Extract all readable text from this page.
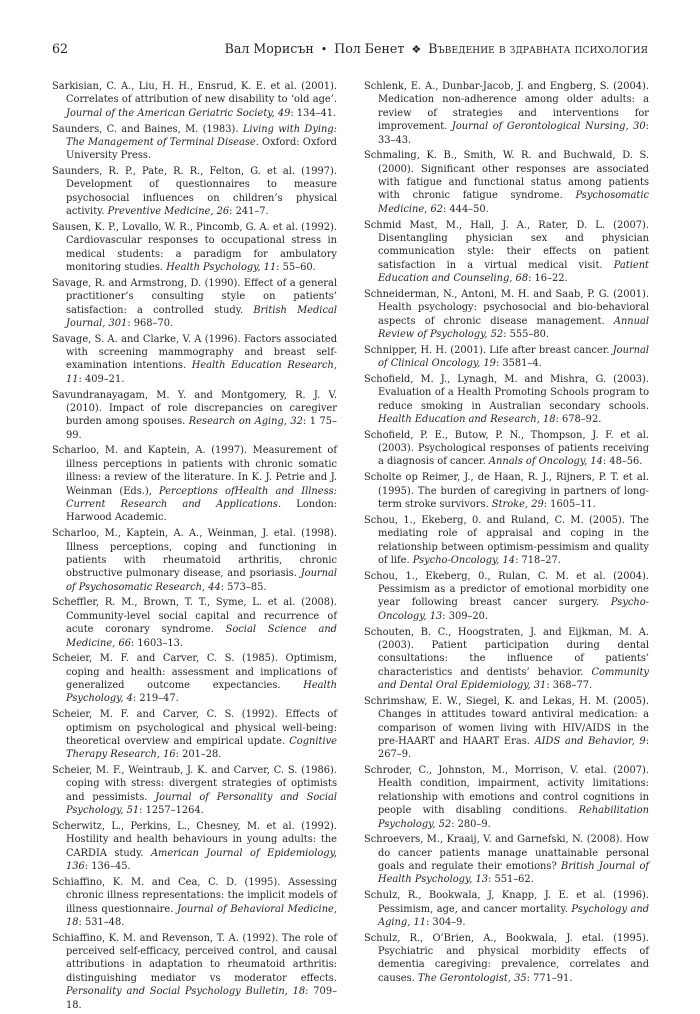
62	Вал Морисън • Пол Бенет ❖ Въведение в здравната психология

Sarkisian, C. A., Liu, H. H., Ensrud, K. E. et al. (2001). Correlates of attribution of new disability to ‘old age’. Journal of the American Geriatric Society, 49: 134–41.

Saunders, C. and Baines, M. (1983). Living with Dying: The Management of Terminal Disease. Oxford: Oxford University Press.

Saunders, R. P., Pate, R. R., Felton, G. et al. (1997). Development of questionnaires to measure psychosocial influences on children’s physical activity. Preventive Medicine, 26: 241–7.

Sausen, K. P., Lovallo, W. R., Pincomb, G. A. et al. (1992). Cardiovascular responses to occupational stress in medical students: a paradigm for ambulatory monitoring studies. Health Psychology, 11: 55–60.

Savage, R. and Armstrong, D. (1990). Effect of a general practitioner’s consulting style on patients’ satisfaction: a controlled study. British Medical Journal, 301: 968–70.

Savage, S. A. and Clarke, V. A (1996). Factors associated with screening mammography and breast self-examination intentions. Health Education Research, 11: 409–21.

Savundranayagam, M. Y. and Montgomery, R. J. V. (2010). Impact of role discrepancies on caregiver burden among spouses. Research on Aging, 32: 1 75–99.

Scharloo, M. and Kaptein, A. (1997). Measurement of illness perceptions in patients with chronic somatic illness: a review of the literature. In K. J. Petrie and J. Weinman (Eds.), Perceptions ofHealth and Illness: Current Research and Applications. London: Harwood Academic.

Scharloo, M., Kaptein, A. A., Weinman, J. etal. (1998). Illness perceptions, coping and functioning in patients with rheumatoid arthritis, chronic obstructive pulmonary disease, and psoriasis. Journal of Psychosomatic Research, 44: 573–85.

Scheffler, R. M., Brown, T. T., Syme, L. et al. (2008). Community-level social capital and recurrence of acute coronary syndrome. Social Science and Medicine, 66: 1603–13.

Scheier, M. F. and Carver, C. S. (1985). Optimism, coping and health: assessment and implications of generalized outcome expectancies. Health Psychology, 4: 219–47.

Scheier, M. F. and Carver, C. S. (1992). Effects of optimism on psychological and physical well-being: theoretical overview and empirical update. Cognitive Therapy Research, 16: 201–28.

Scheier, M. F., Weintraub, J. K. and Carver, C. S. (1986). coping with stress: divergent strategies of optimists and pessimists. Journal of Personality and Social Psychology, 51: 1257–1264.

Scherwitz, L., Perkins, L., Chesney, M. et al. (1992). Hostility and health behaviours in young adults: the CARDIA study. American Journal of Epidemiology, 136: 136–45.

Schiaffino, K. M. and Cea, C. D. (1995). Assessing chronic illness representations: the implicit models of illness questionnaire. Journal of Behavioral Medicine, 18: 531–48.

Schiaffino, K. M. and Revenson, T. A. (1992). The role of perceived self-efficacy, perceived control, and causal attributions in adaptation to rheumatoid arthritis: distinguishing mediator vs moderator effects. Personality and Social Psychology Bulletin, 18: 709–18.

Schlenk, E. A., Dunbar-Jacob, J. and Engberg, S. (2004). Medication non-adherence among older adults: a review of strategies and interventions for improvement. Journal of Gerontological Nursing, 30: 33–43.

Schmaling, K. B., Smith, W. R. and Buchwald, D. S. (2000). Significant other responses are associated with fatigue and functional status among patients with chronic fatigue syndrome. Psychosomatic Medicine, 62: 444–50.

Schmid Mast, M., Hall, J. A., Rater, D. L. (2007). Disentangling physician sex and physician communication style: their effects on patient satisfaction in a virtual medical visit. Patient Education and Counseling, 68: 16–22.

Schneiderman, N., Antoni, M. H. and Saab, P. G. (2001). Health psychology: psychosocial and bio-behavioral aspects of chronic disease management. Annual Review of Psychology, 52: 555–80.

Schnipper, H. H. (2001). Life after breast cancer. Journal of Clinical Oncology, 19: 3581–4.

Schofield, M. J., Lynagh, M. and Mishra, G. (2003). Evaluation of a Health Promoting Schools program to reduce smoking in Australian secondary schools. Health Education and Research, 18: 678–92.

Schofield, P. E., Butow, P. N., Thompson, J. F. et al. (2003). Psychological responses of patients receiving a diagnosis of cancer. Annals of Oncology, 14: 48–56.

Scholte op Reimer, J., de Haan, R. J., Rijners, P. T. et al. (1995). The burden of caregiving in partners of long-term stroke survivors. Stroke, 29: 1605–11.

Schou, 1., Ekeberg, 0. and Ruland, C. M. (2005). The mediating role of appraisal and coping in the relationship between optimism-pessimism and quality of life. Psycho-Oncology, 14: 718–27.

Schou, 1., Ekeberg, 0., Rulan, C. M. et al. (2004). Pessimism as a predictor of emotional morbidity one year following breast cancer surgery. Psycho-Oncology, 13: 309–20.

Schouten, B. C., Hoogstraten, J. and Eijkman, M. A. (2003). Patient participation during dental consultations: the influence of patients’ characteristics and dentists’ behavior. Community and Dental Oral Epidemiology, 31: 368–77.

Schrimshaw, E. W., Siegel, K. and Lekas, H. M. (2005). Changes in attitudes toward antiviral medication: a comparison of women living with HIV/AIDS in the pre-HAART and HAART Eras. AIDS and Behavior, 9: 267–9.

Schroder, C., Johnston, M., Morrison, V. etal. (2007). Health condition, impairment, activity limitations: relationship with emotions and control cognitions in people with disabling conditions. Rehabilitation Psychology, 52: 280–9.

Schroevers, M., Kraaij, V. and Garnefski, N. (2008). How do cancer patients manage unattainable personal goals and regulate their emotions? British Journal of Health Psychology, 13: 551–62.

Schulz, R., Bookwala, J, Knapp, J. E. et al. (1996). Pessimism, age, and cancer mortality. Psychology and Aging, 11: 304–9.

Schulz, R., O’Brien, A., Bookwala, J. etal. (1995). Psychiatric and physical morbidity effects of dementia caregiving: prevalence, correlates and causes. The Gerontologist, 35: 771–91.
